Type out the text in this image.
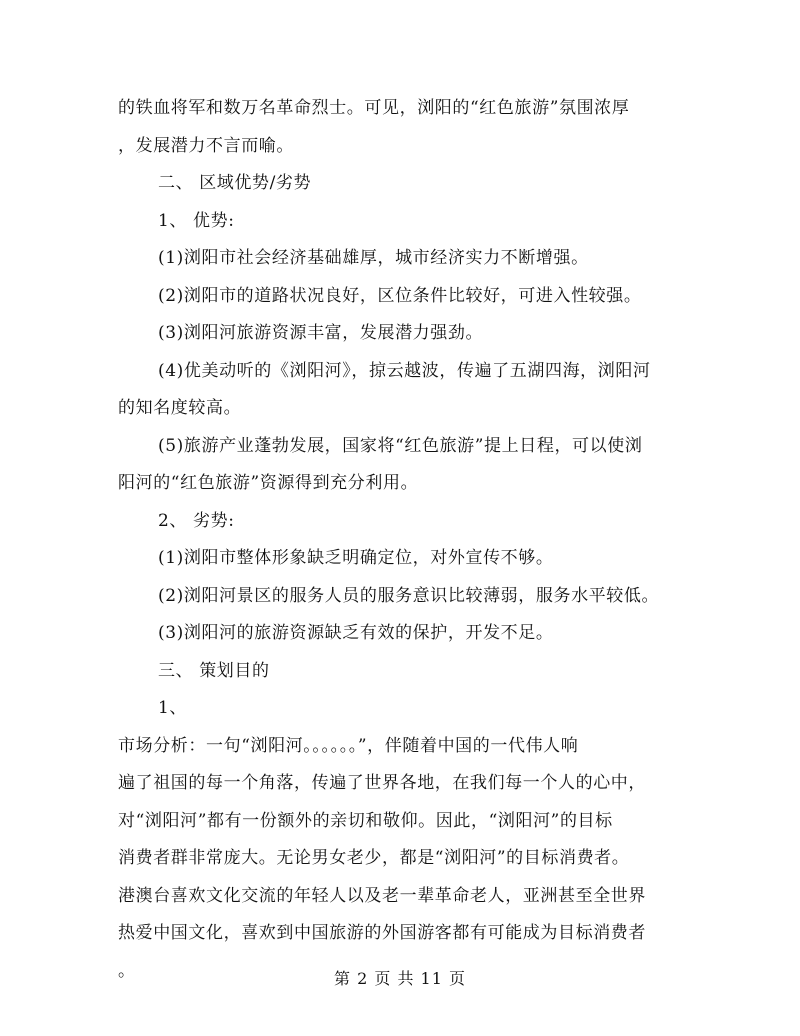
的铁血将军和数万名革命烈士。可见，浏阳的“红色旅游”氛围浓厚
，发展潜力不言而喻。
二、 区域优势/劣势
1、 优势:
(1)浏阳市社会经济基础雄厚，城市经济实力不断增强。
(2)浏阳市的道路状况良好，区位条件比较好，可进入性较强。
(3)浏阳河旅游资源丰富，发展潜力强劲。
(4)优美动听的《浏阳河》，掠云越波，传遍了五湖四海，浏阳河
的知名度较高。
(5)旅游产业蓬勃发展，国家将“红色旅游”提上日程，可以使浏
阳河的“红色旅游”资源得到充分利用。
2、 劣势:
(1)浏阳市整体形象缺乏明确定位，对外宣传不够。
(2)浏阳河景区的服务人员的服务意识比较薄弱，服务水平较低。
(3)浏阳河的旅游资源缺乏有效的保护，开发不足。
三、 策划目的
1、
市场分析：一句“浏阳河。。。。。。”，伴随着中国的一代伟人响
遍了祖国的每一个角落，传遍了世界各地，在我们每一个人的心中，
对“浏阳河”都有一份额外的亲切和敬仰。因此，“浏阳河”的目标
消费者群非常庞大。无论男女老少，都是“浏阳河”的目标消费者。
港澳台喜欢文化交流的年轻人以及老一辈革命老人，亚洲甚至全世界
热爱中国文化，喜欢到中国旅游的外国游客都有可能成为目标消费者
。	第 2 页 共 11 页
